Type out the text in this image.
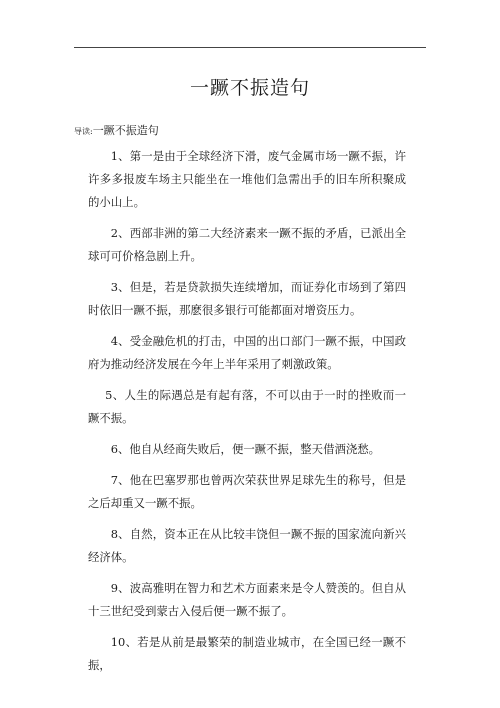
一蹶不振造句
导读:一蹶不振造句

1、第一是由于全球经济下滑，废气金属市场一蹶不振，许许多多报废车场主只能坐在一堆他们急需出手的旧车所积聚成的小山上。

2、西部非洲的第二大经济素来一蹶不振的矛盾，已派出全球可可价格急剧上升。

3、但是，若是贷款损失连续增加，而证券化市场到了第四时依旧一蹶不振，那麽很多银行可能都面对增资压力。

4、受金融危机的打击，中国的出口部门一蹶不振，中国政府为推动经济发展在今年上半年采用了刺激政策。

5、人生的际遇总是有起有落，不可以由于一时的挫败而一蹶不振。

6、他自从经商失败后，便一蹶不振，整天借酒浇愁。

7、他在巴塞罗那也曾两次荣获世界足球先生的称号，但是之后却重又一蹶不振。

8、自然，资本正在从比较丰饶但一蹶不振的国家流向新兴经济体。

9、波高雅明在智力和艺术方面素来是令人赞羡的。但自从十三世纪受到蒙古入侵后便一蹶不振了。

10、若是从前是最繁荣的制造业城市，在全国已经一蹶不振，
